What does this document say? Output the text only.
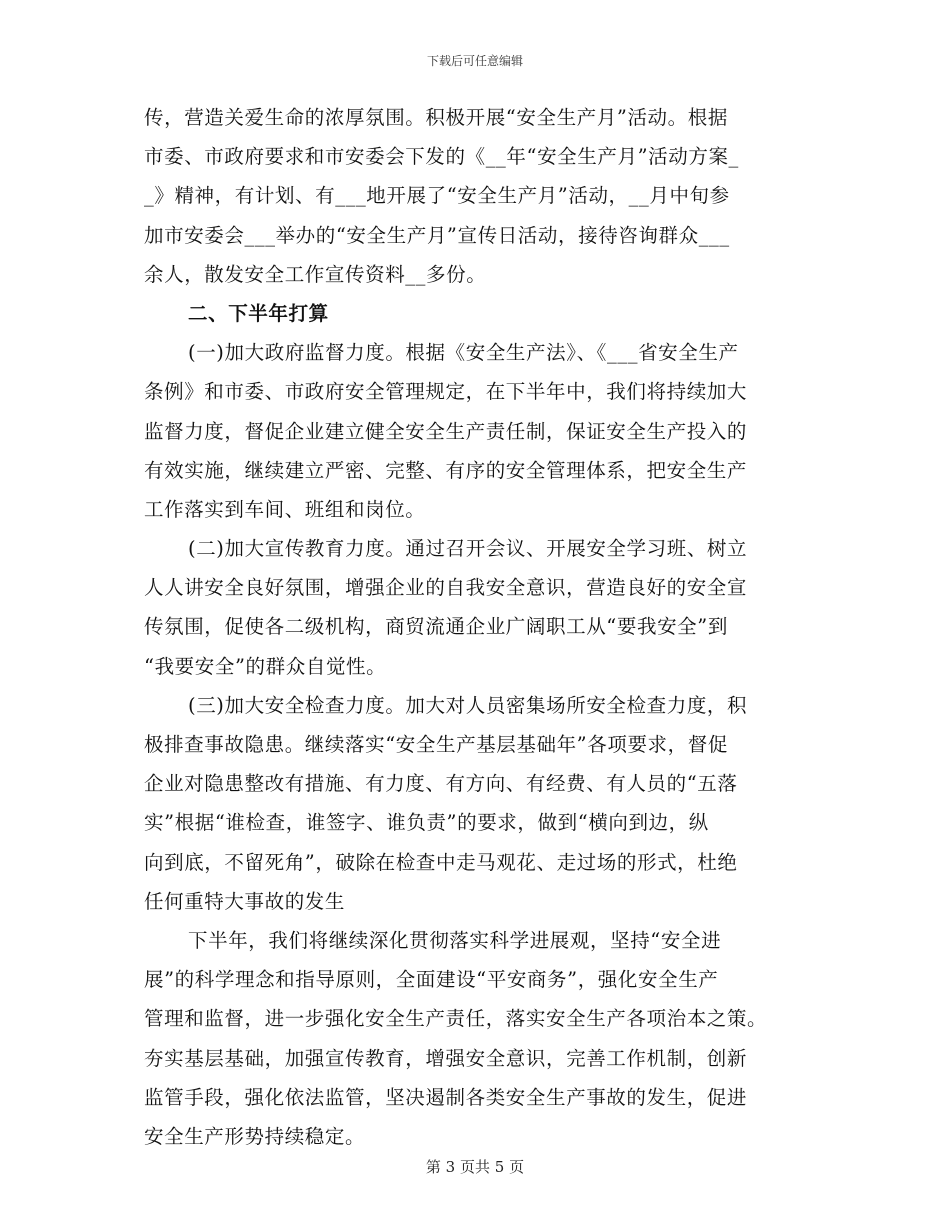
下载后可任意编辑
传，营造关爱生命的浓厚氛围。积极开展“安全生产月”活动。根据
市委、市政府要求和市安委会下发的《__年“安全生产月”活动方案_
_》精神，有计划、有___地开展了“安全生产月”活动，__月中旬参
加市安委会___举办的“安全生产月”宣传日活动，接待咨询群众___
余人，散发安全工作宣传资料__多份。
二、下半年打算
(一)加大政府监督力度。根据《安全生产法》、《___省安全生产
条例》和市委、市政府安全管理规定，在下半年中，我们将持续加大
监督力度，督促企业建立健全安全生产责任制，保证安全生产投入的
有效实施，继续建立严密、完整、有序的安全管理体系，把安全生产
工作落实到车间、班组和岗位。
(二)加大宣传教育力度。通过召开会议、开展安全学习班、树立
人人讲安全良好氛围，增强企业的自我安全意识，营造良好的安全宣
传氛围，促使各二级机构，商贸流通企业广阔职工从“要我安全”到
“我要安全”的群众自觉性。
(三)加大安全检查力度。加大对人员密集场所安全检查力度，积
极排查事故隐患。继续落实“安全生产基层基础年”各项要求，督促
企业对隐患整改有措施、有力度、有方向、有经费、有人员的“五落
实”根据“谁检查，谁签字、谁负责”的要求，做到“横向到边，纵
向到底，不留死角”，破除在检查中走马观花、走过场的形式，杜绝
任何重特大事故的发生
下半年，我们将继续深化贯彻落实科学进展观，坚持“安全进
展”的科学理念和指导原则，全面建设“平安商务”，强化安全生产
管理和监督，进一步强化安全生产责任，落实安全生产各项治本之策。
夯实基层基础，加强宣传教育，增强安全意识，完善工作机制，创新
监管手段，强化依法监管，坚决遏制各类安全生产事故的发生，促进
安全生产形势持续稳定。
第 3 页共 5 页
